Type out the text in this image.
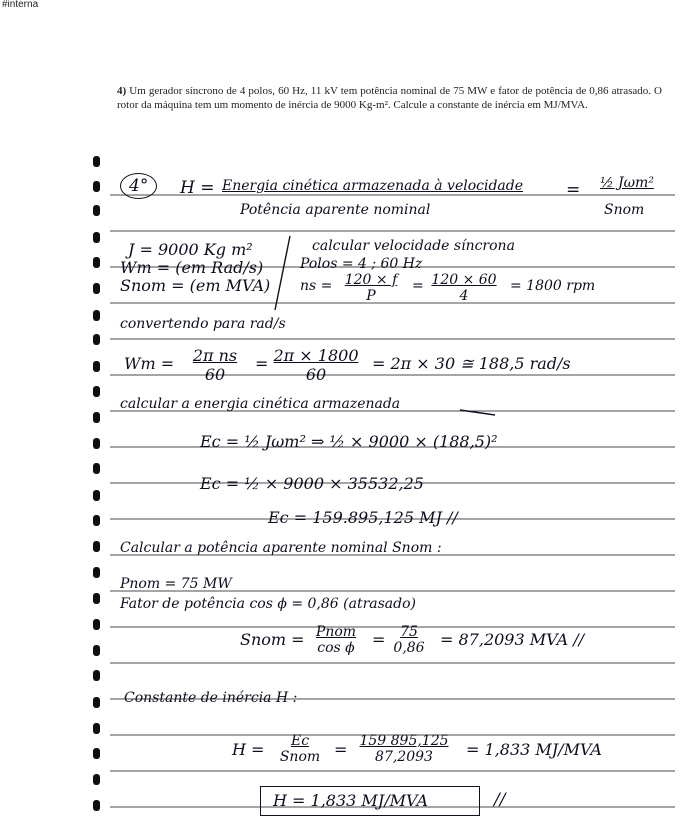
#interna
4) Um gerador síncrono de 4 polos, 60 Hz, 11 kV tem potência nominal de 75 MW e fator de potência de 0,86 atrasado. O rotor da máquina tem um momento de inércia de 9000 Kg-m². Calcule a constante de inércia em MJ/MVA.
4°	H = Energia cinética armazenada à velocidade
Potência aparente nominal
= ½ Jωm²
Snom
J = 9000 Kg m²
Wm = (em Rad/s)
Snom = (em MVA)
calcular velocidade síncrona
Polos = 4 ; 60 Hz
ns = $\frac{120 \times f}{P} = \frac{120 \times 60}{4} = 1800$ rpm
convertendo para rad/s
$Wm = \frac{\text{2π ns}}{60}$ =
$\frac{2\pi \times 1800}{60} = 2\pi \times 30$ ≅ 188,5 rad/s
calcular a energia cinética armazenada
Ec = ½ Jωm² ⇒ ½ × 9000 × (188,5)²
Ec = ½ × 9000 × 35532,25
Ec = 159.895,125 MJ //
Calcular a potência aparente nominal Snom :
Pnom = 75 MW
Fator de potência cos ϕ = 0,86 (atrasado)
Snom = Pnom
cos ϕ	=
$\frac{75}{0,86} = 87,2093$ MVA //
Constante de inércia H :
H =	Ec
Snom =
$\frac{159 895,125}{87,2093} = 1,833$ MJ/MVA
H = 1,833 MJ/MVA	//
